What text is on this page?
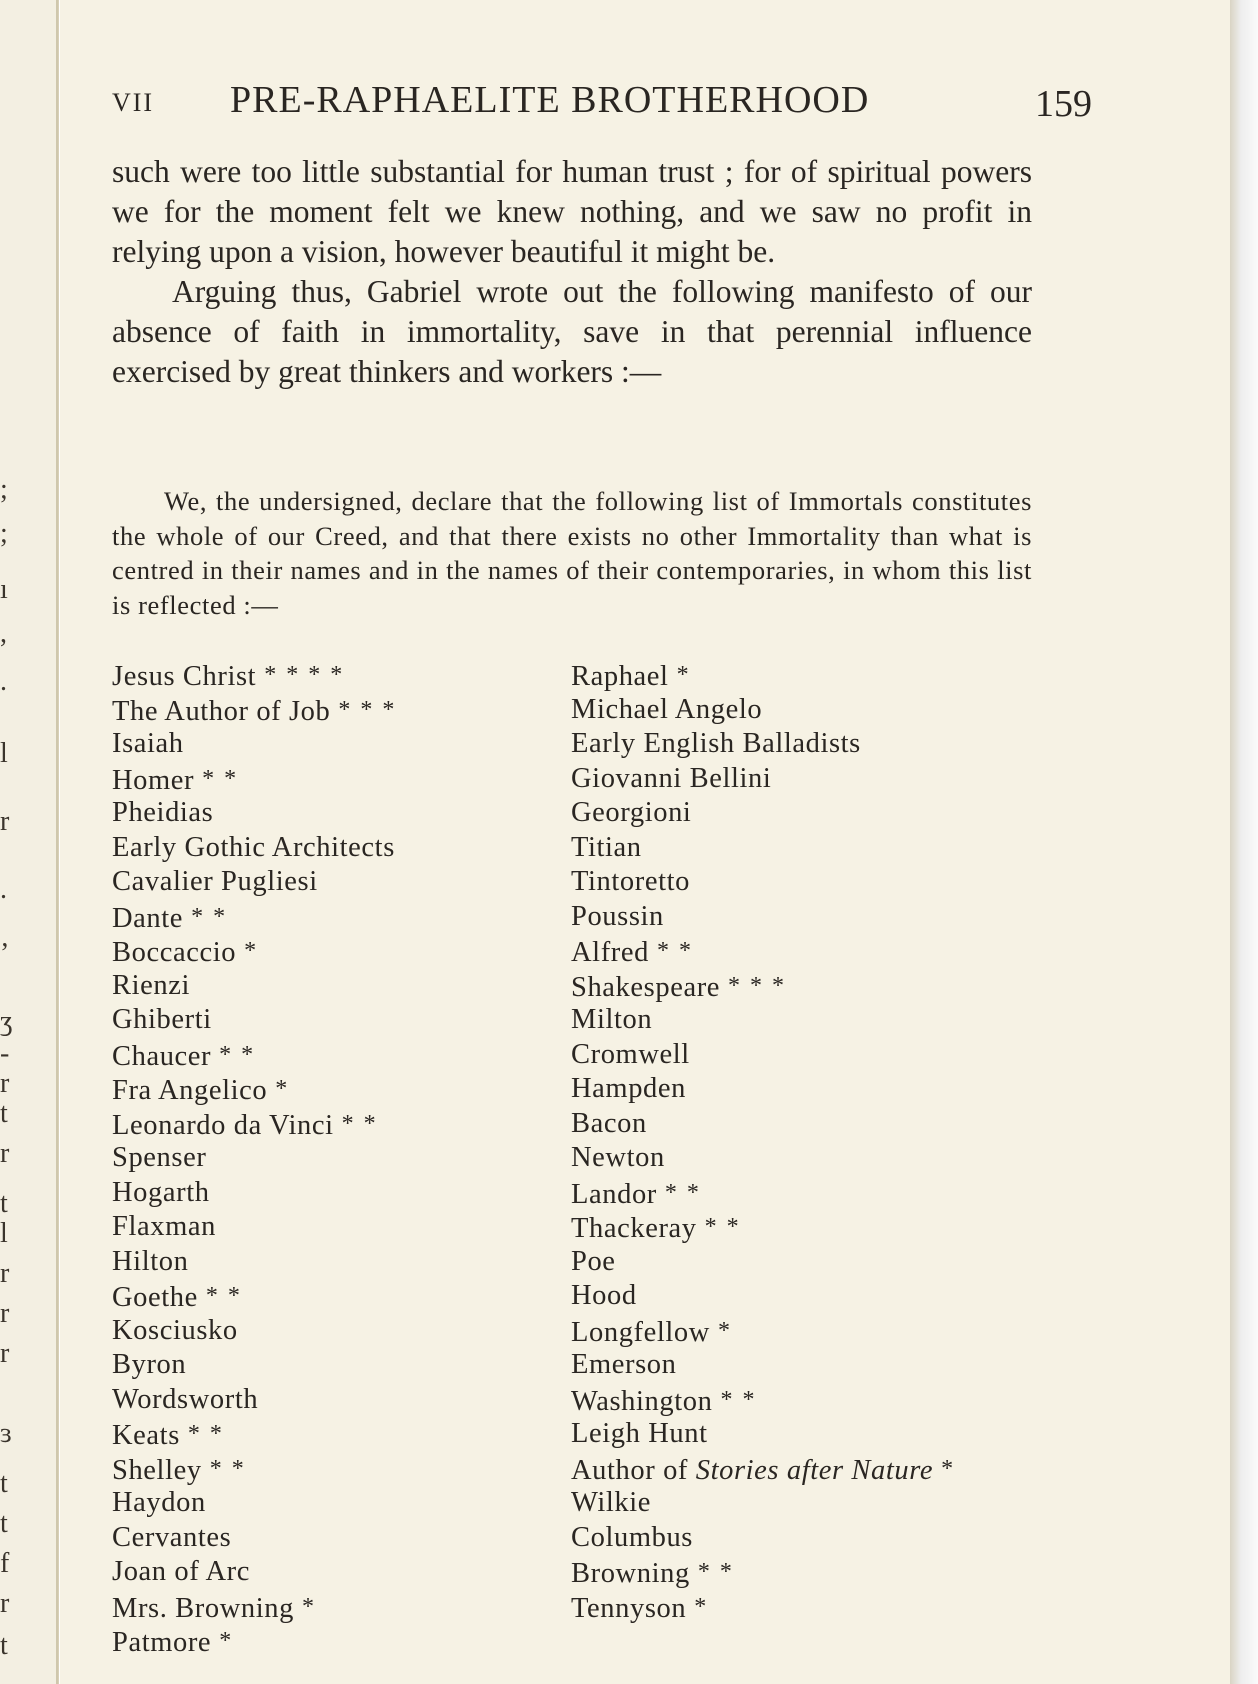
;
;
ı
,
.
l
r
.
’
ʒ
-
r
t
r
t
l
r
r
r
ɜ
t
t
f
r
t
VII PRE-RAPHAELITE BROTHERHOOD	159

such were too little substantial for human trust ; for of spiritual powers we for the moment felt we knew nothing, and we saw no profit in relying upon a vision, however beautiful it might be.

Arguing thus, Gabriel wrote out the following manifesto of our absence of faith in immortality, save in that perennial influence exercised by great thinkers and workers :—

We, the undersigned, declare that the following list of Immortals constitutes the whole of our Creed, and that there exists no other Immortality than what is centred in their names and in the names of their contemporaries, in whom this list is reflected :—

Jesus Christ * * * *
The Author of Job * * *
Isaiah
Homer * *
Pheidias
Early Gothic Architects
Cavalier Pugliesi
Dante * *
Boccaccio *
Rienzi
Ghiberti
Chaucer * *
Fra Angelico *
Leonardo da Vinci * *
Spenser
Hogarth
Flaxman
Hilton
Goethe * *
Kosciusko
Byron
Wordsworth
Keats * *
Shelley * *
Haydon
Cervantes
Joan of Arc
Mrs. Browning *
Patmore *
Raphael *
Michael Angelo
Early English Balladists
Giovanni Bellini
Georgioni
Titian
Tintoretto
Poussin
Alfred * *
Shakespeare * * *
Milton
Cromwell
Hampden
Bacon
Newton
Landor * *
Thackeray * *
Poe
Hood
Longfellow *
Emerson
Washington * *
Leigh Hunt
Author of Stories after Nature *
Wilkie
Columbus
Browning * *
Tennyson *
